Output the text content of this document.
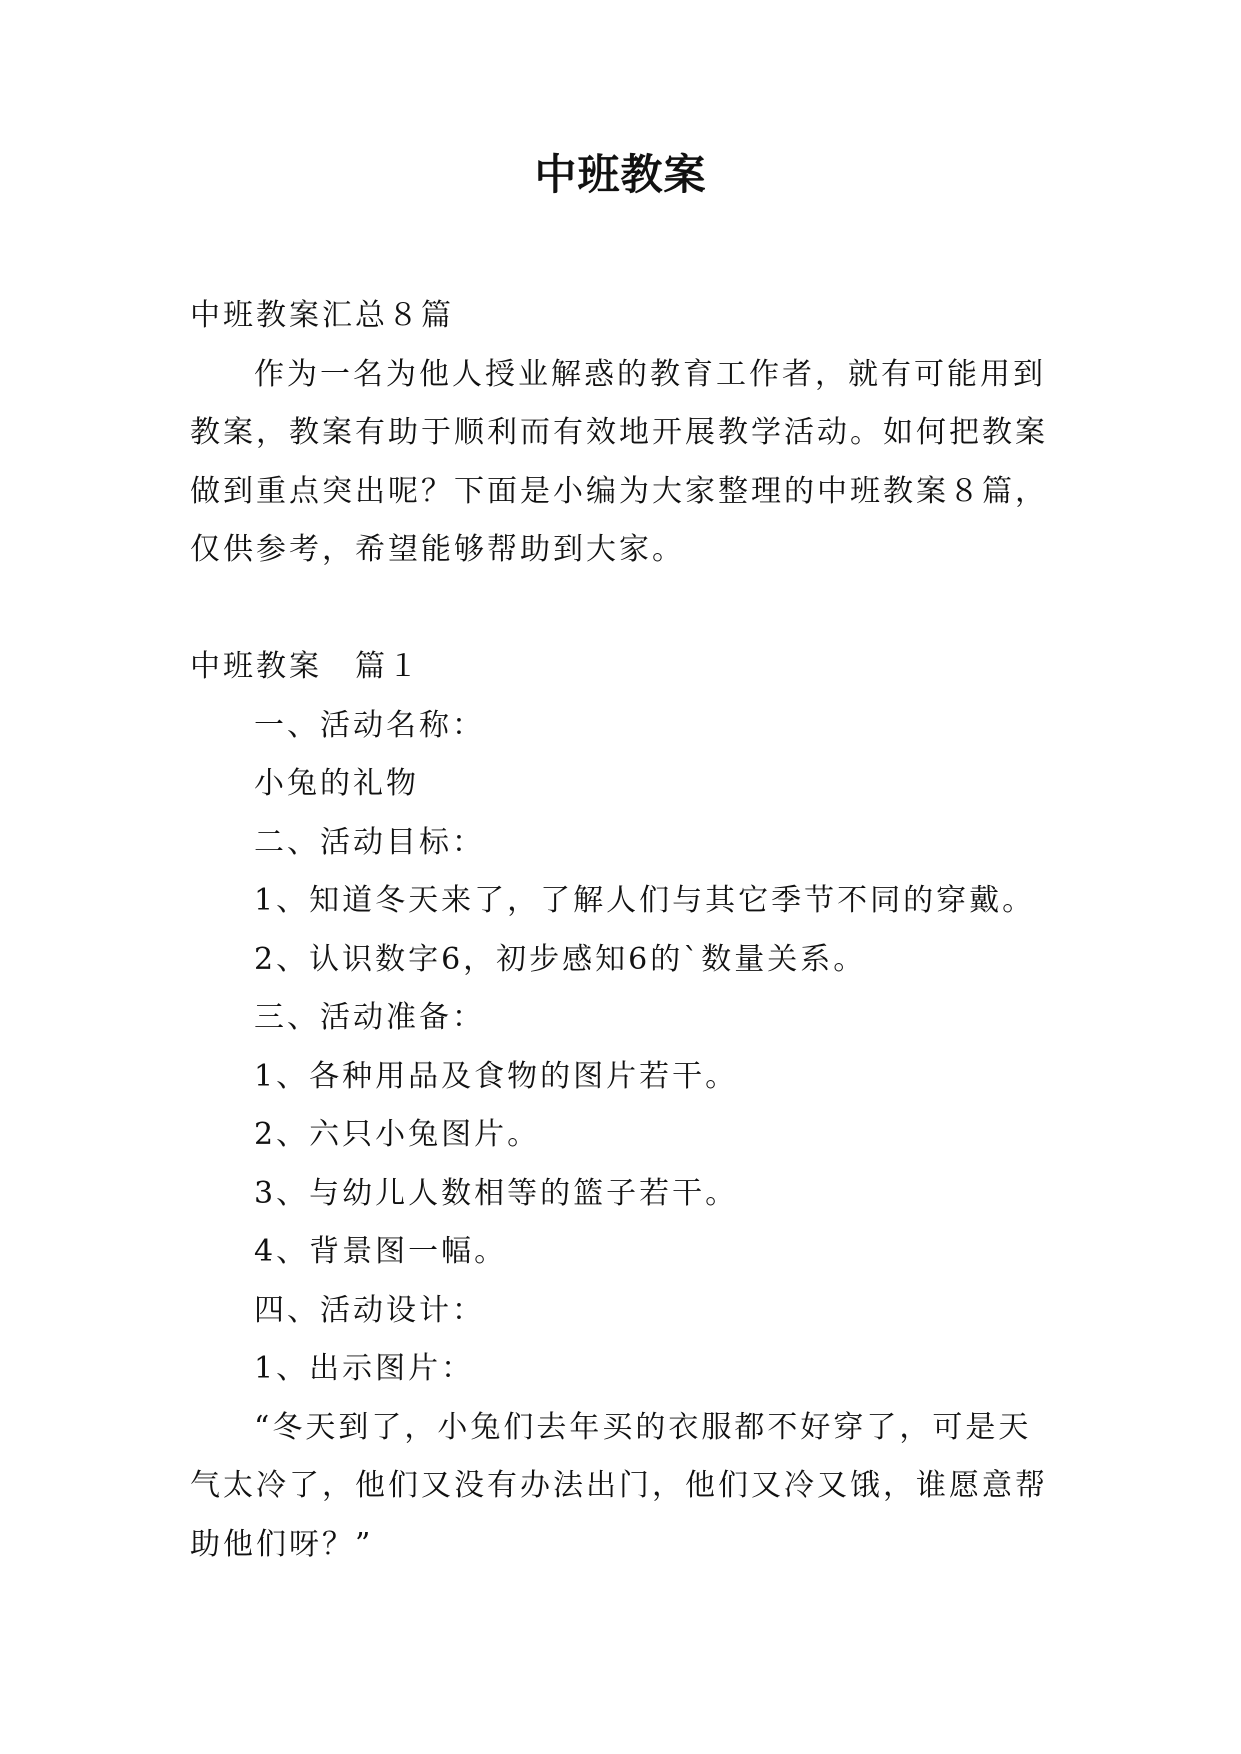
中班教案
中班教案汇总８篇
作为一名为他人授业解惑的教育工作者，就有可能用到
教案，教案有助于顺利而有效地开展教学活动。如何把教案
做到重点突出呢？下面是小编为大家整理的中班教案８篇，
仅供参考，希望能够帮助到大家。
中班教案　篇１
一、活动名称：
小兔的礼物
二、活动目标：
1、知道冬天来了，了解人们与其它季节不同的穿戴。
2、认识数字6，初步感知6的`数量关系。
三、活动准备：
1、各种用品及食物的图片若干。
2、六只小兔图片。
3、与幼儿人数相等的篮子若干。
4、背景图一幅。
四、活动设计：
1、出示图片：
“冬天到了，小兔们去年买的衣服都不好穿了，可是天
气太冷了，他们又没有办法出门，他们又冷又饿，谁愿意帮
助他们呀？”
